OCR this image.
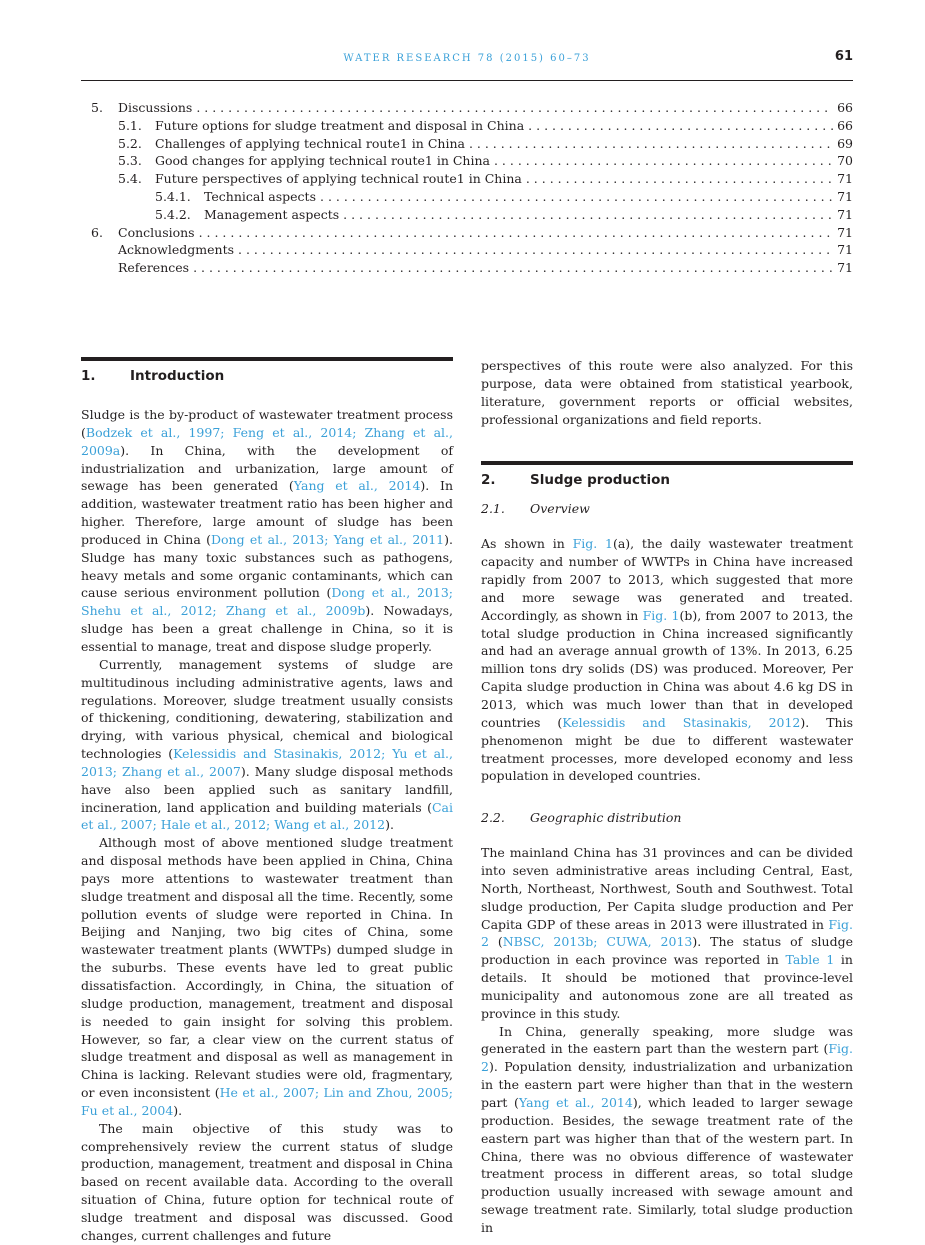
WATER RESEARCH 78 (2015) 60–73	61
5.	Discussions . . .	66
5.1.	Future options for sludge treatment and disposal in China . . .	66
5.2.	Challenges of applying technical route1 in China . . .	69
5.3.	Good changes for applying technical route1 in China . . .	70
5.4.	Future perspectives of applying technical route1 in China . . .	71
5.4.1.	Technical aspects . . .	71
5.4.2.	Management aspects . . .	71
6.	Conclusions . . .	71
Acknowledgments . . .	71
References . . .	71
1.	Introduction

Sludge is the by-product of wastewater treatment process (Bodzek et al., 1997; Feng et al., 2014; Zhang et al., 2009a). In China, with the development of industrialization and urbanization, large amount of sewage has been generated (Yang et al., 2014). In addition, wastewater treatment ratio has been higher and higher. Therefore, large amount of sludge has been produced in China (Dong et al., 2013; Yang et al., 2011). Sludge has many toxic substances such as pathogens, heavy metals and some organic contaminants, which can cause serious environment pollution (Dong et al., 2013; Shehu et al., 2012; Zhang et al., 2009b). Nowadays, sludge has been a great challenge in China, so it is essential to manage, treat and dispose sludge properly.

Currently, management systems of sludge are multitudinous including administrative agents, laws and regulations. Moreover, sludge treatment usually consists of thickening, conditioning, dewatering, stabilization and drying, with various physical, chemical and biological technologies (Kelessidis and Stasinakis, 2012; Yu et al., 2013; Zhang et al., 2007). Many sludge disposal methods have also been applied such as sanitary landfill, incineration, land application and building materials (Cai et al., 2007; Hale et al., 2012; Wang et al., 2012).

Although most of above mentioned sludge treatment and disposal methods have been applied in China, China pays more attentions to wastewater treatment than sludge treatment and disposal all the time. Recently, some pollution events of sludge were reported in China. In Beijing and Nanjing, two big cites of China, some wastewater treatment plants (WWTPs) dumped sludge in the suburbs. These events have led to great public dissatisfaction. Accordingly, in China, the situation of sludge production, management, treatment and disposal is needed to gain insight for solving this problem. However, so far, a clear view on the current status of sludge treatment and disposal as well as management in China is lacking. Relevant studies were old, fragmentary, or even inconsistent (He et al., 2007; Lin and Zhou, 2005; Fu et al., 2004).

The main objective of this study was to comprehensively review the current status of sludge production, management, treatment and disposal in China based on recent available data. According to the overall situation of China, future option for technical route of sludge treatment and disposal was discussed. Good changes, current challenges and future

perspectives of this route were also analyzed. For this purpose, data were obtained from statistical yearbook, literature, government reports or official websites, professional organizations and field reports.

2.	Sludge production
2.1. Overview

As shown in Fig. 1(a), the daily wastewater treatment capacity and number of WWTPs in China have increased rapidly from 2007 to 2013, which suggested that more and more sewage was generated and treated. Accordingly, as shown in Fig. 1(b), from 2007 to 2013, the total sludge production in China increased significantly and had an average annual growth of 13%. In 2013, 6.25 million tons dry solids (DS) was produced. Moreover, Per Capita sludge production in China was about 4.6 kg DS in 2013, which was much lower than that in developed countries (Kelessidis and Stasinakis, 2012). This phenomenon might be due to different wastewater treatment processes, more developed economy and less population in developed countries.

2.2. Geographic distribution

The mainland China has 31 provinces and can be divided into seven administrative areas including Central, East, North, Northeast, Northwest, South and Southwest. Total sludge production, Per Capita sludge production and Per Capita GDP of these areas in 2013 were illustrated in Fig. 2 (NBSC, 2013b; CUWA, 2013). The status of sludge production in each province was reported in Table 1 in details. It should be motioned that province-level municipality and autonomous zone are all treated as province in this study.

In China, generally speaking, more sludge was generated in the eastern part than the western part (Fig. 2). Population density, industrialization and urbanization in the eastern part were higher than that in the western part (Yang et al., 2014), which leaded to larger sewage production. Besides, the sewage treatment rate of the eastern part was higher than that of the western part. In China, there was no obvious difference of wastewater treatment process in different areas, so total sludge production usually increased with sewage amount and sewage treatment rate. Similarly, total sludge production in
